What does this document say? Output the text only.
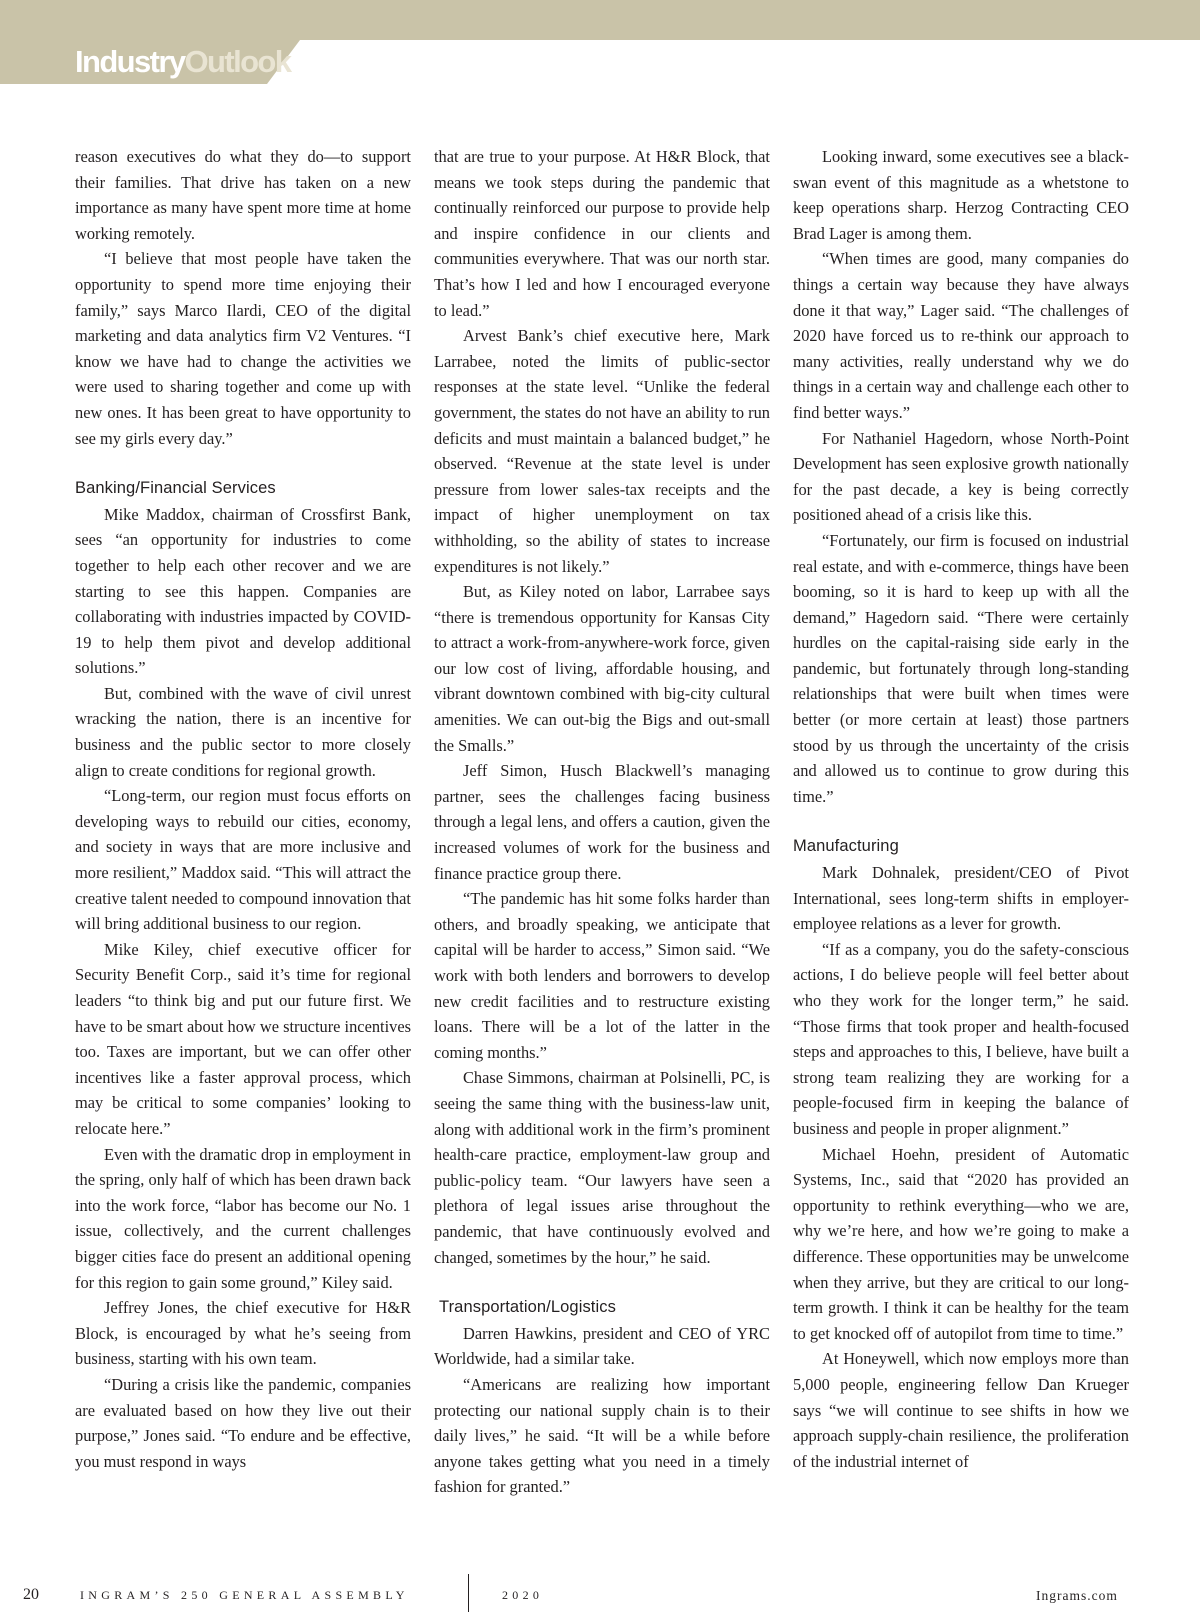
IndustryOutlook

reason executives do what they do—to support their families. That drive has taken on a new importance as many have spent more time at home working remotely.

“I believe that most people have taken the opportunity to spend more time enjoying their family,” says Marco Ilardi, CEO of the digital marketing and data analytics firm V2 Ventures. “I know we have had to change the activities we were used to sharing together and come up with new ones. It has been great to have opportunity to see my girls every day.”

Banking/Financial Services

Mike Maddox, chairman of Crossfirst Bank, sees “an opportunity for industries to come together to help each other recover and we are starting to see this happen. Companies are collaborating with industries impacted by COVID-19 to help them pivot and develop additional solutions.”

But, combined with the wave of civil unrest wracking the nation, there is an incentive for business and the public sector to more closely align to create conditions for regional growth.

“Long-term, our region must focus efforts on developing ways to rebuild our cities, economy, and society in ways that are more inclusive and more resilient,” Maddox said. “This will attract the creative talent needed to compound innovation that will bring additional business to our region.

Mike Kiley, chief executive officer for Security Benefit Corp., said it’s time for regional leaders “to think big and put our future first. We have to be smart about how we structure incentives too. Taxes are important, but we can offer other incentives like a faster approval process, which may be critical to some companies’ looking to relocate here.”

Even with the dramatic drop in employment in the spring, only half of which has been drawn back into the work force, “labor has become our No. 1 issue, collectively, and the current challenges bigger cities face do present an additional opening for this region to gain some ground,” Kiley said.

Jeffrey Jones, the chief executive for H&R Block, is encouraged by what he’s seeing from business, starting with his own team.

“During a crisis like the pandemic, companies are evaluated based on how they live out their purpose,” Jones said. “To endure and be effective, you must respond in ways

that are true to your purpose. At H&R Block, that means we took steps during the pandemic that continually reinforced our purpose to provide help and inspire confidence in our clients and communities everywhere. That was our north star. That’s how I led and how I encouraged everyone to lead.”

Arvest Bank’s chief executive here, Mark Larrabee, noted the limits of public-sector responses at the state level. “Unlike the federal government, the states do not have an ability to run deficits and must maintain a balanced budget,” he observed. “Revenue at the state level is under pressure from lower sales-tax receipts and the impact of higher unemployment on tax withholding, so the ability of states to increase expenditures is not likely.”

But, as Kiley noted on labor, Larrabee says “there is tremendous opportunity for Kansas City to attract a work-from-anywhere-work force, given our low cost of living, affordable housing, and vibrant downtown combined with big-city cultural amenities. We can out-big the Bigs and out-small the Smalls.”

Jeff Simon, Husch Blackwell’s managing partner, sees the challenges facing business through a legal lens, and offers a caution, given the increased volumes of work for the business and finance practice group there.

“The pandemic has hit some folks harder than others, and broadly speaking, we anticipate that capital will be harder to access,” Simon said. “We work with both lenders and borrowers to develop new credit facilities and to restructure existing loans. There will be a lot of the latter in the coming months.”

Chase Simmons, chairman at Polsinelli, PC, is seeing the same thing with the business-law unit, along with additional work in the firm’s prominent health-care practice, employment-law group and public-policy team. “Our lawyers have seen a plethora of legal issues arise throughout the pandemic, that have continuously evolved and changed, sometimes by the hour,” he said.

Transportation/Logistics

Darren Hawkins, president and CEO of YRC Worldwide, had a similar take.

“Americans are realizing how important protecting our national supply chain is to their daily lives,” he said. “It will be a while before anyone takes getting what you need in a timely fashion for granted.”

Looking inward, some executives see a black-swan event of this magnitude as a whetstone to keep operations sharp. Herzog Contracting CEO Brad Lager is among them.

“When times are good, many companies do things a certain way because they have always done it that way,” Lager said. “The challenges of 2020 have forced us to re-think our approach to many activities, really understand why we do things in a certain way and challenge each other to find better ways.”

For Nathaniel Hagedorn, whose North-Point Development has seen explosive growth nationally for the past decade, a key is being correctly positioned ahead of a crisis like this.

“Fortunately, our firm is focused on industrial real estate, and with e-commerce, things have been booming, so it is hard to keep up with all the demand,” Hagedorn said. “There were certainly hurdles on the capital-raising side early in the pandemic, but fortunately through long-standing relationships that were built when times were better (or more certain at least) those partners stood by us through the uncertainty of the crisis and allowed us to continue to grow during this time.”

Manufacturing

Mark Dohnalek, president/CEO of Pivot International, sees long-term shifts in employer-employee relations as a lever for growth.

“If as a company, you do the safety-conscious actions, I do believe people will feel better about who they work for the longer term,” he said. “Those firms that took proper and health-focused steps and approaches to this, I believe, have built a strong team realizing they are working for a people-focused firm in keeping the balance of business and people in proper alignment.”

Michael Hoehn, president of Automatic Systems, Inc., said that “2020 has provided an opportunity to rethink everything—who we are, why we’re here, and how we’re going to make a difference. These opportunities may be unwelcome when they arrive, but they are critical to our long-term growth. I think it can be healthy for the team to get knocked off of autopilot from time to time.”

At Honeywell, which now employs more than 5,000 people, engineering fellow Dan Krueger says “we will continue to see shifts in how we approach supply-chain resilience, the proliferation of the industrial internet of

20	INGRAM’S 250 GENERAL ASSEMBLY	2020	Ingrams.com
